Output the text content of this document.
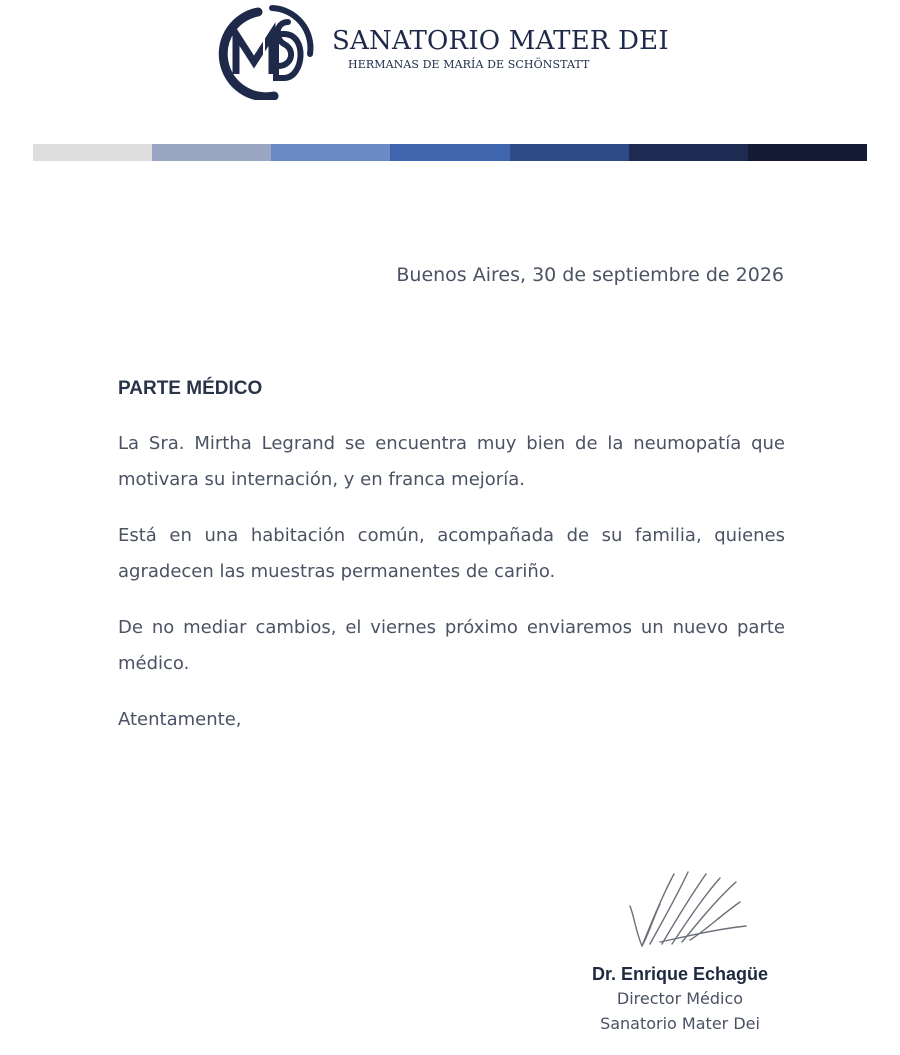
SANATORIO MATER DEI
HERMANAS DE MARÍA DE SCHÖNSTATT
Buenos Aires, 30 de septiembre de 2026
PARTE MÉDICO

La Sra. Mirtha Legrand se encuentra muy bien de la neumopatía que motivara su internación, y en franca mejoría.

Está en una habitación común, acompañada de su familia, quienes agradecen las muestras permanentes de cariño.

De no mediar cambios, el viernes próximo enviaremos un nuevo parte médico.

Atentamente,

Dr. Enrique Echagüe
Director Médico
Sanatorio Mater Dei
